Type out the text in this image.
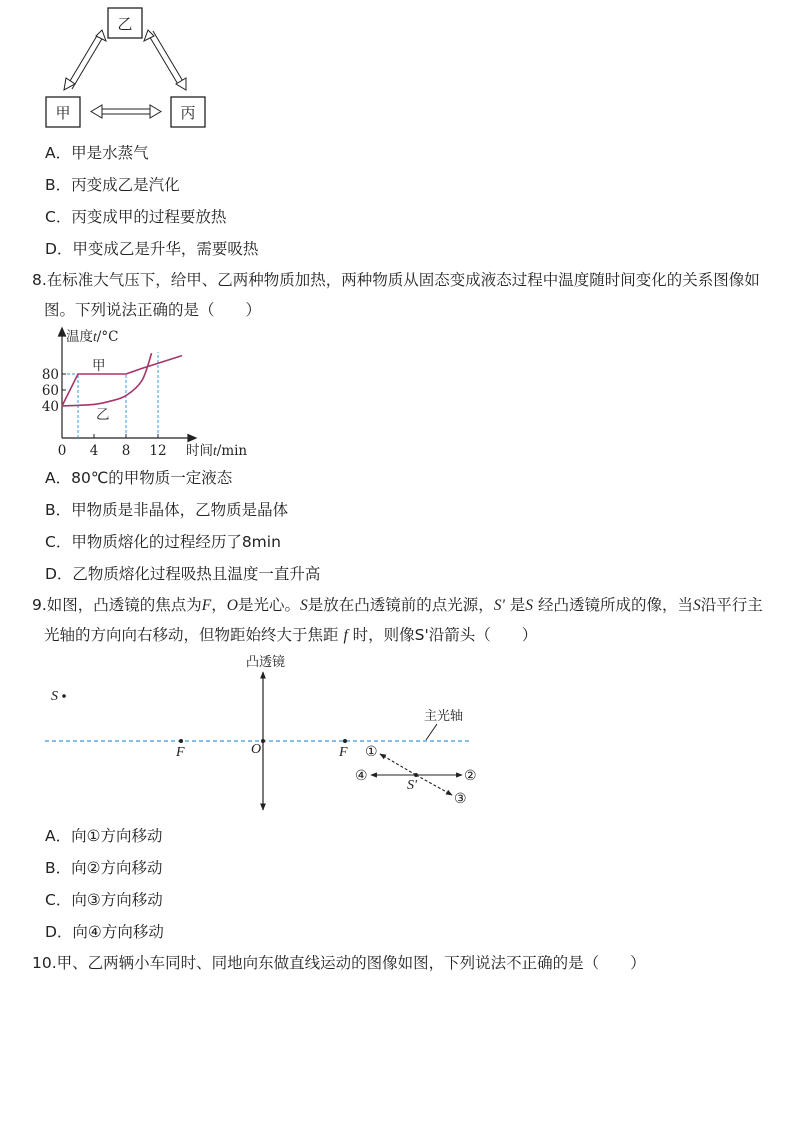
乙
甲	丙
A．甲是水蒸气
B．丙变成乙是汽化
C．丙变成甲的过程要放热
D．甲变成乙是升华，需要吸热
8.在标准大气压下，给甲、乙两种物质加热，两种物质从固态变成液态过程中温度随时间变化的关系图像如
图。下列说法正确的是（　　）
80
60
40
0 4 8 12
温度t/°C
时间t/min
甲
乙
A．80℃的甲物质一定液态
B．甲物质是非晶体，乙物质是晶体
C．甲物质熔化的过程经历了8min
D．乙物质熔化过程吸热且温度一直升高
9.如图，凸透镜的焦点为F，O是光心。S是放在凸透镜前的点光源，S' 是S 经凸透镜所成的像，当S沿平行主
光轴的方向向右移动，但物距始终大于焦距 f 时，则像S'沿箭头（　　）
凸透镜
主光轴
S
F	O	F
S'
①
②
③
④
A．向①方向移动
B．向②方向移动
C．向③方向移动
D．向④方向移动
10.甲、乙两辆小车同时、同地向东做直线运动的图像如图，下列说法不正确的是（　　）
